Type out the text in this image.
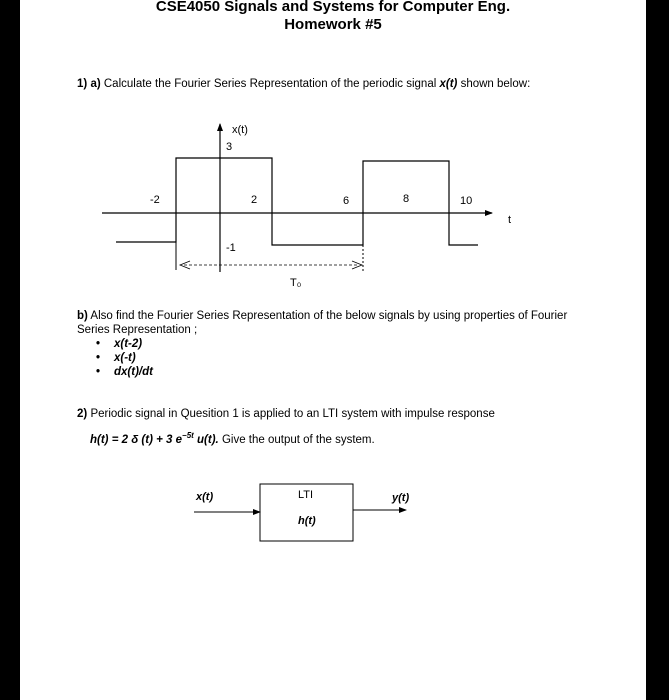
CSE4050 Signals and Systems for Computer Eng.
Homework #5
1) a) Calculate the Fourier Series Representation of the periodic signal x(t) shown below:
b) Also find the Fourier Series Representation of the below signals by using properties of Fourier
Series Representation ;
• x(t-2)
• x(-t)
• dx(t)/dt
2) Periodic signal in Quesition 1 is applied to an LTI system with impulse response
h(t) = 2 δ (t) + 3 $e^{-5t}$ u(t). Give the output of the system.
x(t)
3
-1
-2	2	6	8	10
t
T₀
x(t)	LTI
h(t)
y(t)
